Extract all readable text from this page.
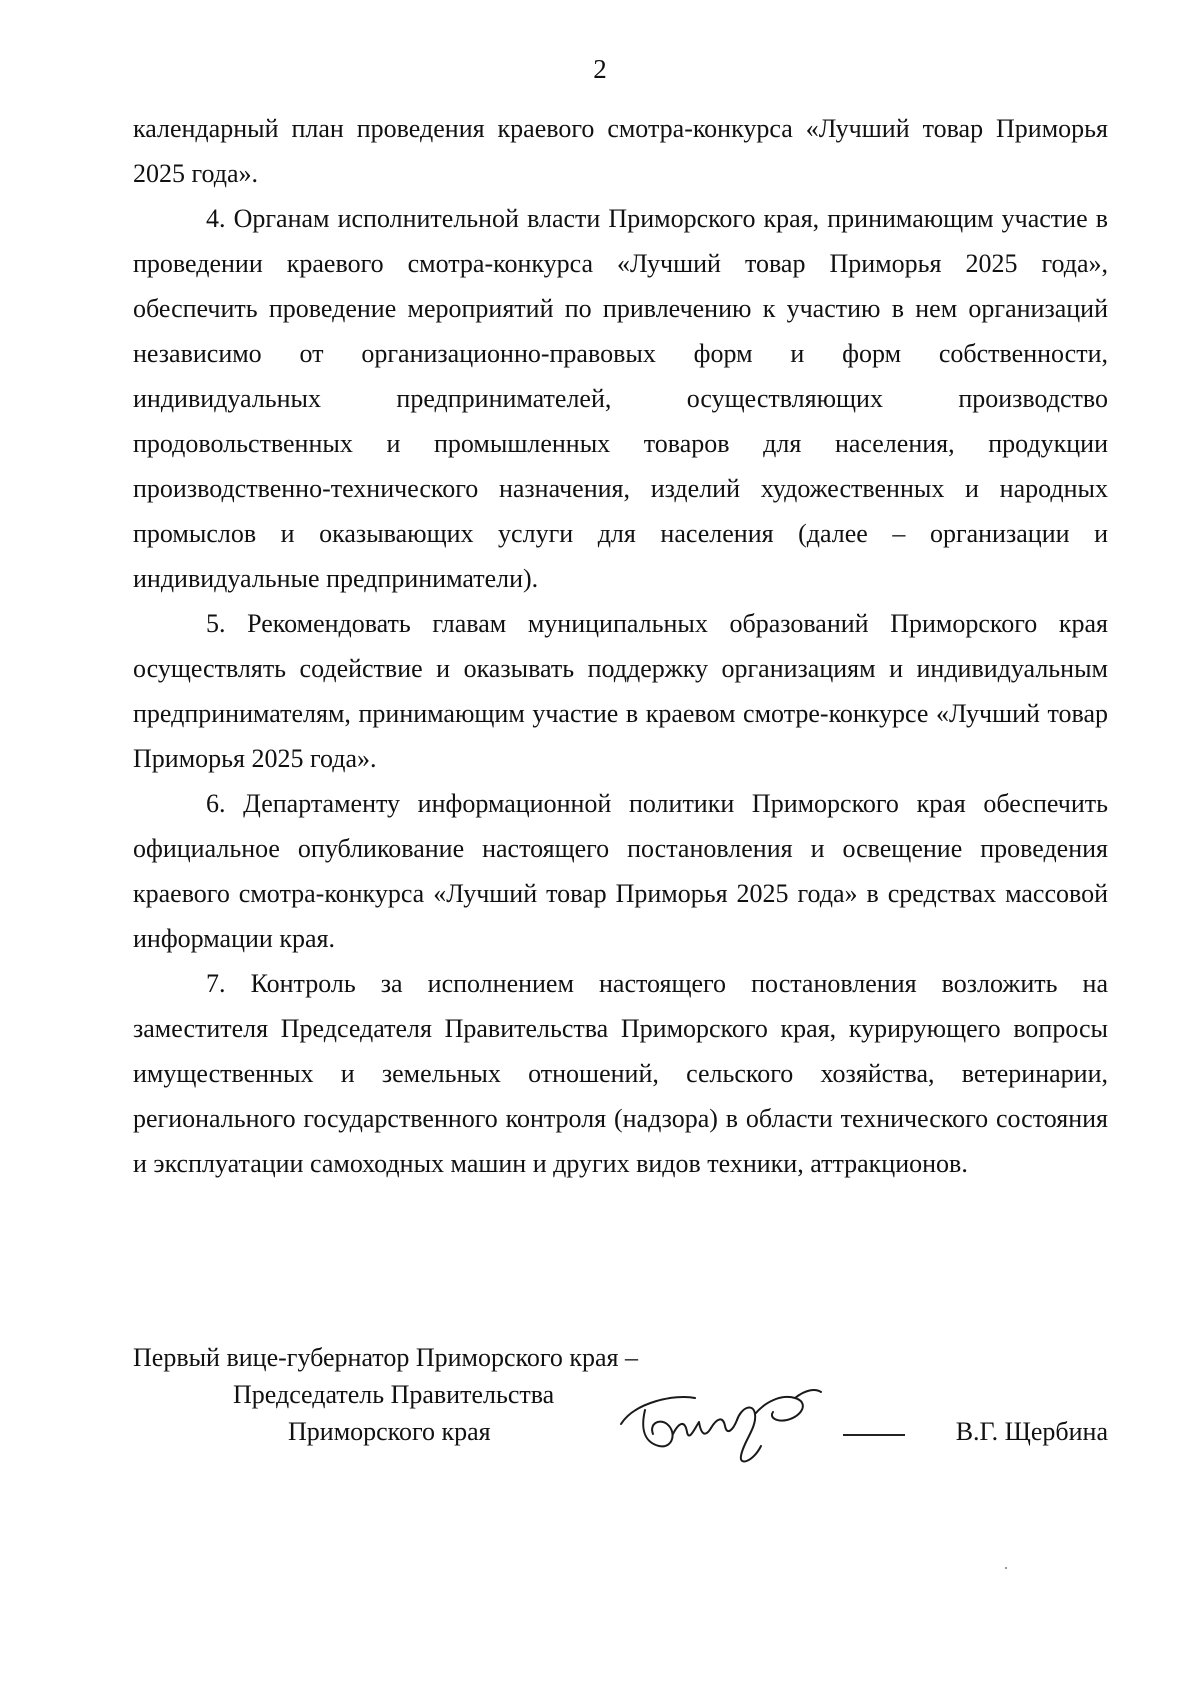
2

календарный план проведения краевого смотра-конкурса «Лучший товар Приморья 2025 года».

4. Органам исполнительной власти Приморского края, принимающим участие в проведении краевого смотра-конкурса «Лучший товар Приморья 2025 года», обеспечить проведение мероприятий по привлечению к участию в нем организаций независимо от организационно-правовых форм и форм собственности, индивидуальных предпринимателей, осуществляющих производство продовольственных и промышленных товаров для населения, продукции производственно-технического назначения, изделий художественных и народных промыслов и оказывающих услуги для населения (далее – организации и индивидуальные предприниматели).

5. Рекомендовать главам муниципальных образований Приморского края осуществлять содействие и оказывать поддержку организациям и индивидуальным предпринимателям, принимающим участие в краевом смотре-конкурсе «Лучший товар Приморья 2025 года».

6. Департаменту информационной политики Приморского края обеспечить официальное опубликование настоящего постановления и освещение проведения краевого смотра-конкурса «Лучший товар Приморья 2025 года» в средствах массовой информации края.

7. Контроль за исполнением настоящего постановления возложить на заместителя Председателя Правительства Приморского края, курирующего вопросы имущественных и земельных отношений, сельского хозяйства, ветеринарии, регионального государственного контроля (надзора) в области технического состояния и эксплуатации самоходных машин и других видов техники, аттракционов.

Первый вице-губернатор Приморского края –
Председатель Правительства
Приморского края	В.Г. Щербина
